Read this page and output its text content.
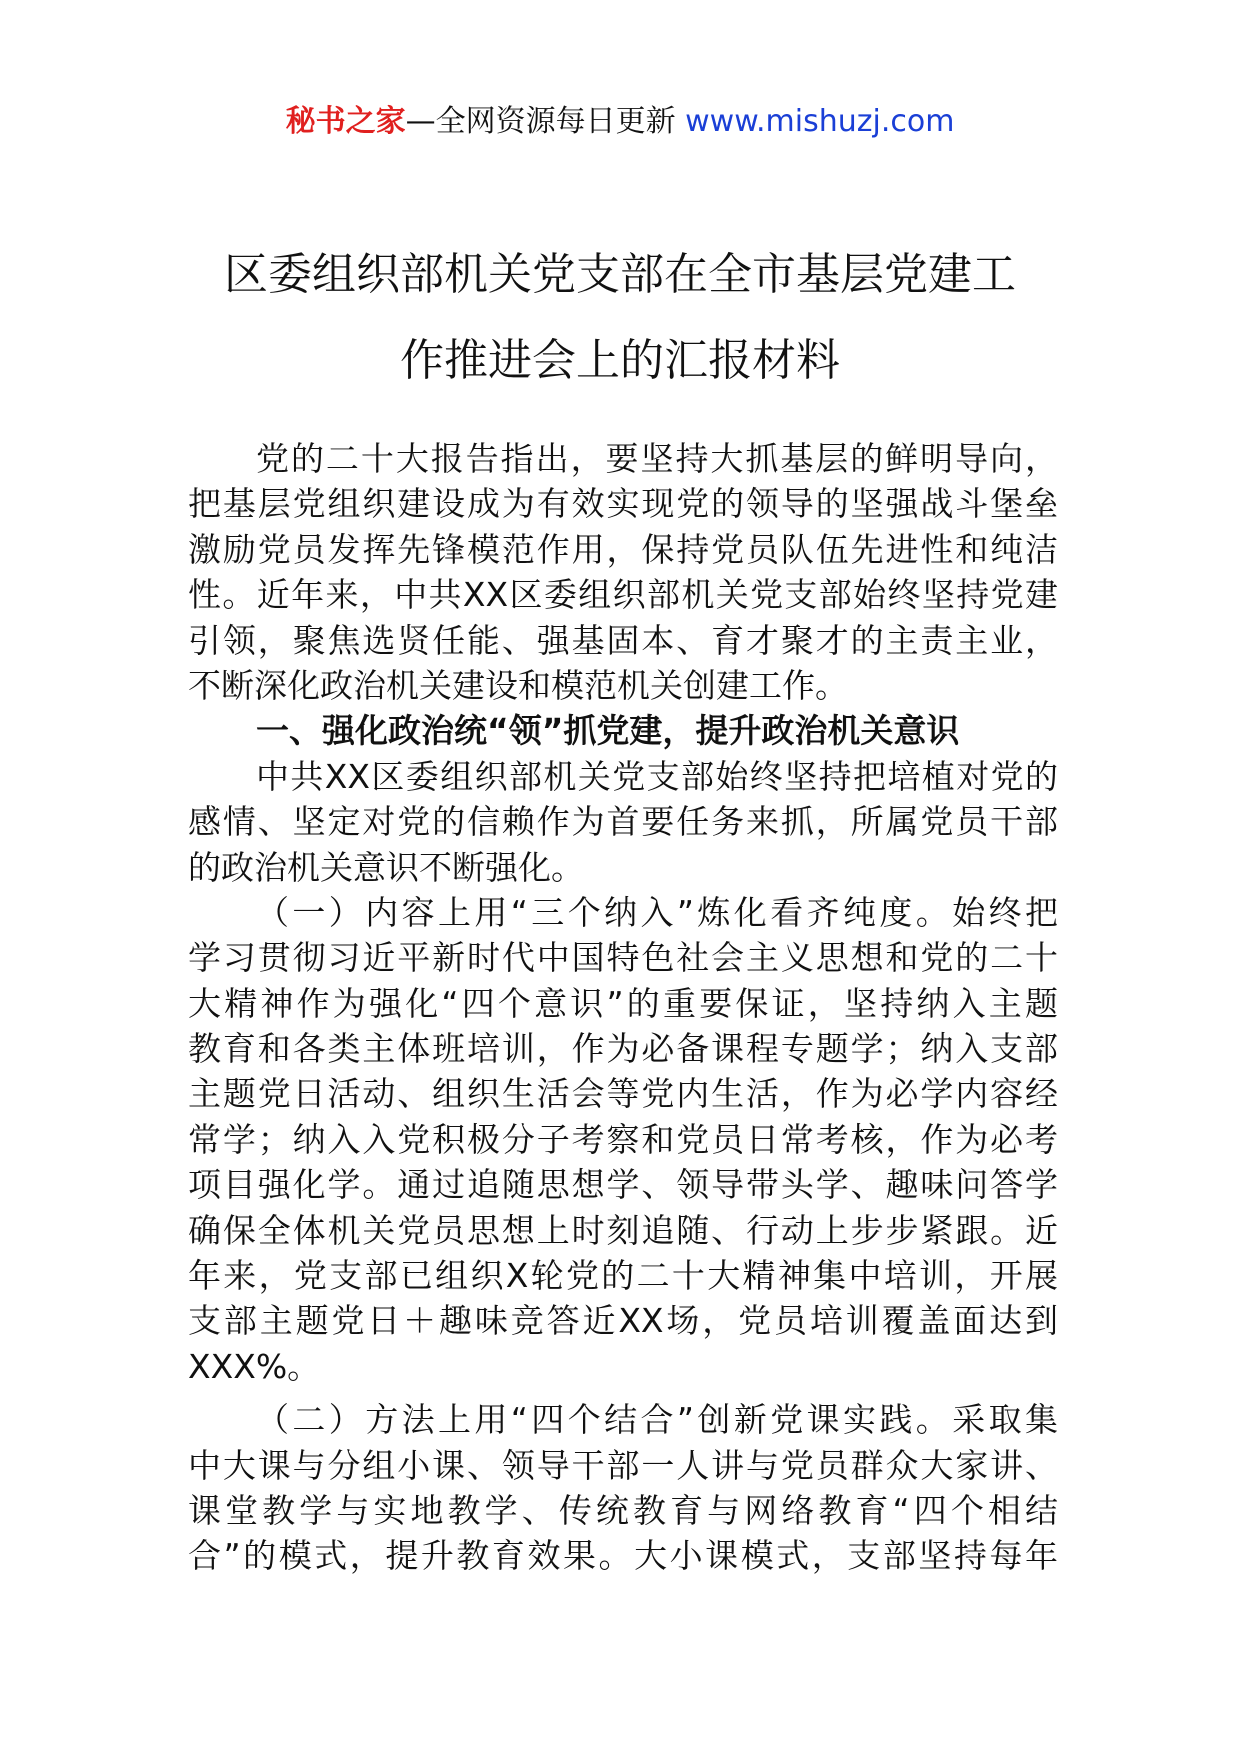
秘书之家—全网资源每日更新 www.mishuzj.com
区委组织部机关党支部在全市基层党建工
作推进会上的汇报材料
党的二十大报告指出，要坚持大抓基层的鲜明导向，
把基层党组织建设成为有效实现党的领导的坚强战斗堡垒
激励党员发挥先锋模范作用，保持党员队伍先进性和纯洁
性。近年来，中共XX区委组织部机关党支部始终坚持党建
引领，聚焦选贤任能、强基固本、育才聚才的主责主业，
不断深化政治机关建设和模范机关创建工作。
一、强化政治统“领”抓党建，提升政治机关意识
中共XX区委组织部机关党支部始终坚持把培植对党的
感情、坚定对党的信赖作为首要任务来抓，所属党员干部
的政治机关意识不断强化。
（一）内容上用“三个纳入”炼化看齐纯度。始终把
学习贯彻习近平新时代中国特色社会主义思想和党的二十
大精神作为强化“四个意识”的重要保证，坚持纳入主题
教育和各类主体班培训，作为必备课程专题学；纳入支部
主题党日活动、组织生活会等党内生活，作为必学内容经
常学；纳入入党积极分子考察和党员日常考核，作为必考
项目强化学。通过追随思想学、领导带头学、趣味问答学
确保全体机关党员思想上时刻追随、行动上步步紧跟。近
年来，党支部已组织X轮党的二十大精神集中培训，开展
支部主题党日＋趣味竞答近XX场，党员培训覆盖面达到
XXX%。
（二）方法上用“四个结合”创新党课实践。采取集
中大课与分组小课、领导干部一人讲与党员群众大家讲、
课堂教学与实地教学、传统教育与网络教育“四个相结
合”的模式，提升教育效果。大小课模式，支部坚持每年
